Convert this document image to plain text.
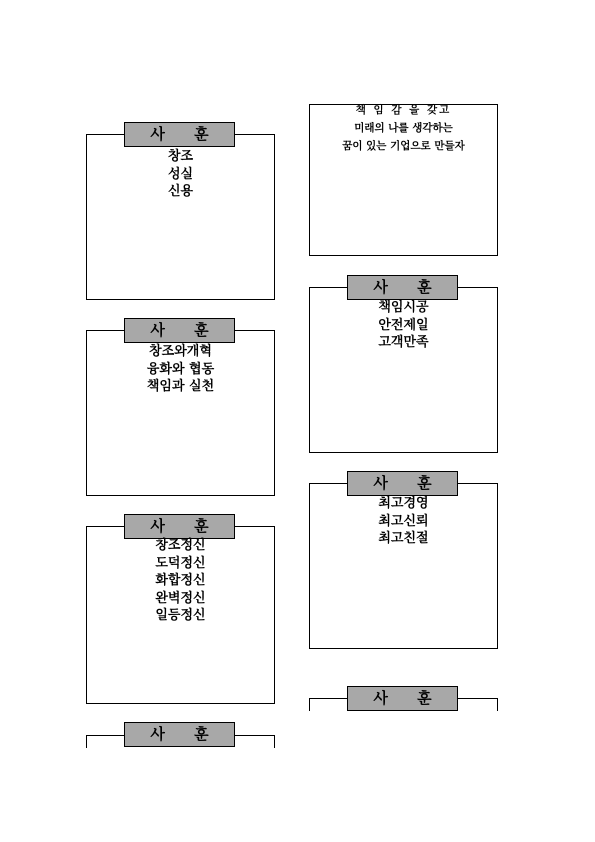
사 훈
창조
성실
신용
사 훈
창조와개혁
융화와 협동
책임과 실천
사 훈
창조정신
도덕정신
화합정신
완벽정신
일등정신
사 훈
책 임 감 을 갖고
미래의 나를 생각하는
꿈이 있는 기업으로 만들자
사 훈
책임시공
안전제일
고객만족
사 훈
최고경영
최고신뢰
최고친절
사 훈
